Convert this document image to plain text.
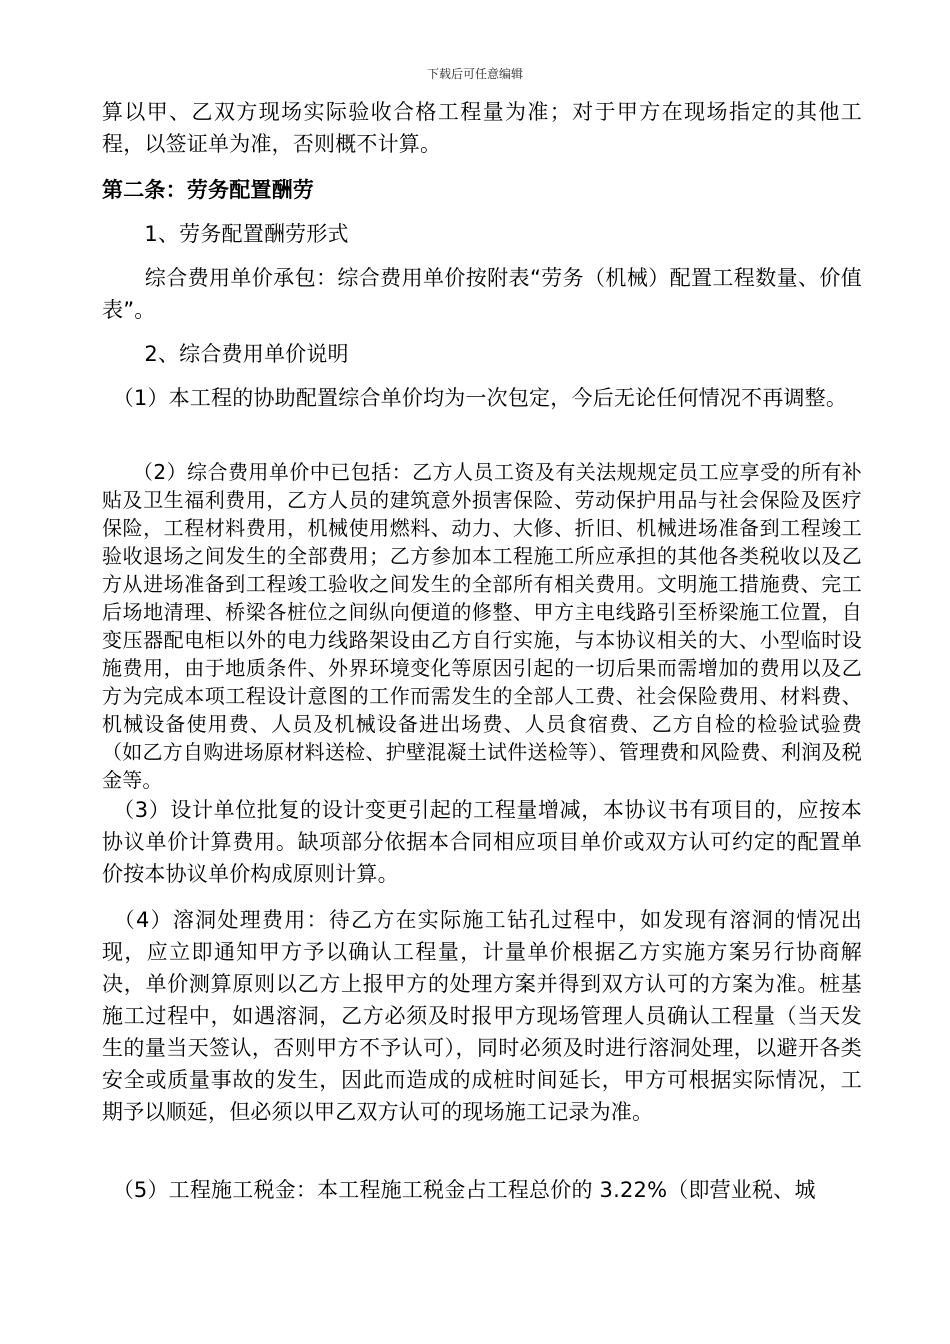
下载后可任意编辑

算以甲、乙双方现场实际验收合格工程量为准；对于甲方在现场指定的其他工程，以签证单为准，否则概不计算。

第二条：劳务配置酬劳

　　1、劳务配置酬劳形式

　　综合费用单价承包：综合费用单价按附表“劳务（机械）配置工程数量、价值表”。

　　2、综合费用单价说明

　（1）本工程的协助配置综合单价均为一次包定，今后无论任何情况不再调整。

　　（2）综合费用单价中已包括：乙方人员工资及有关法规规定员工应享受的所有补贴及卫生福利费用，乙方人员的建筑意外损害保险、劳动保护用品与社会保险及医疗保险，工程材料费用，机械使用燃料、动力、大修、折旧、机械进场准备到工程竣工验收退场之间发生的全部费用；乙方参加本工程施工所应承担的其他各类税收以及乙方从进场准备到工程竣工验收之间发生的全部所有相关费用。文明施工措施费、完工后场地清理、桥梁各桩位之间纵向便道的修整、甲方主电线路引至桥梁施工位置，自变压器配电柜以外的电力线路架设由乙方自行实施，与本协议相关的大、小型临时设施费用，由于地质条件、外界环境变化等原因引起的一切后果而需增加的费用以及乙方为完成本项工程设计意图的工作而需发生的全部人工费、社会保险费用、材料费、机械设备使用费、人员及机械设备进出场费、人员食宿费、乙方自检的检验试验费（如乙方自购进场原材料送检、护壁混凝土试件送检等）、管理费和风险费、利润及税金等。

　（3）设计单位批复的设计变更引起的工程量增减，本协议书有项目的，应按本协议单价计算费用。缺项部分依据本合同相应项目单价或双方认可约定的配置单价按本协议单价构成原则计算。

　（4）溶洞处理费用：待乙方在实际施工钻孔过程中，如发现有溶洞的情况出现，应立即通知甲方予以确认工程量，计量单价根据乙方实施方案另行协商解决，单价测算原则以乙方上报甲方的处理方案并得到双方认可的方案为准。桩基施工过程中，如遇溶洞，乙方必须及时报甲方现场管理人员确认工程量（当天发生的量当天签认，否则甲方不予认可），同时必须及时进行溶洞处理，以避开各类安全或质量事故的发生，因此而造成的成桩时间延长，甲方可根据实际情况，工期予以顺延，但必须以甲乙双方认可的现场施工记录为准。

　（5）工程施工税金：本工程施工税金占工程总价的 3.22%（即营业税、城
